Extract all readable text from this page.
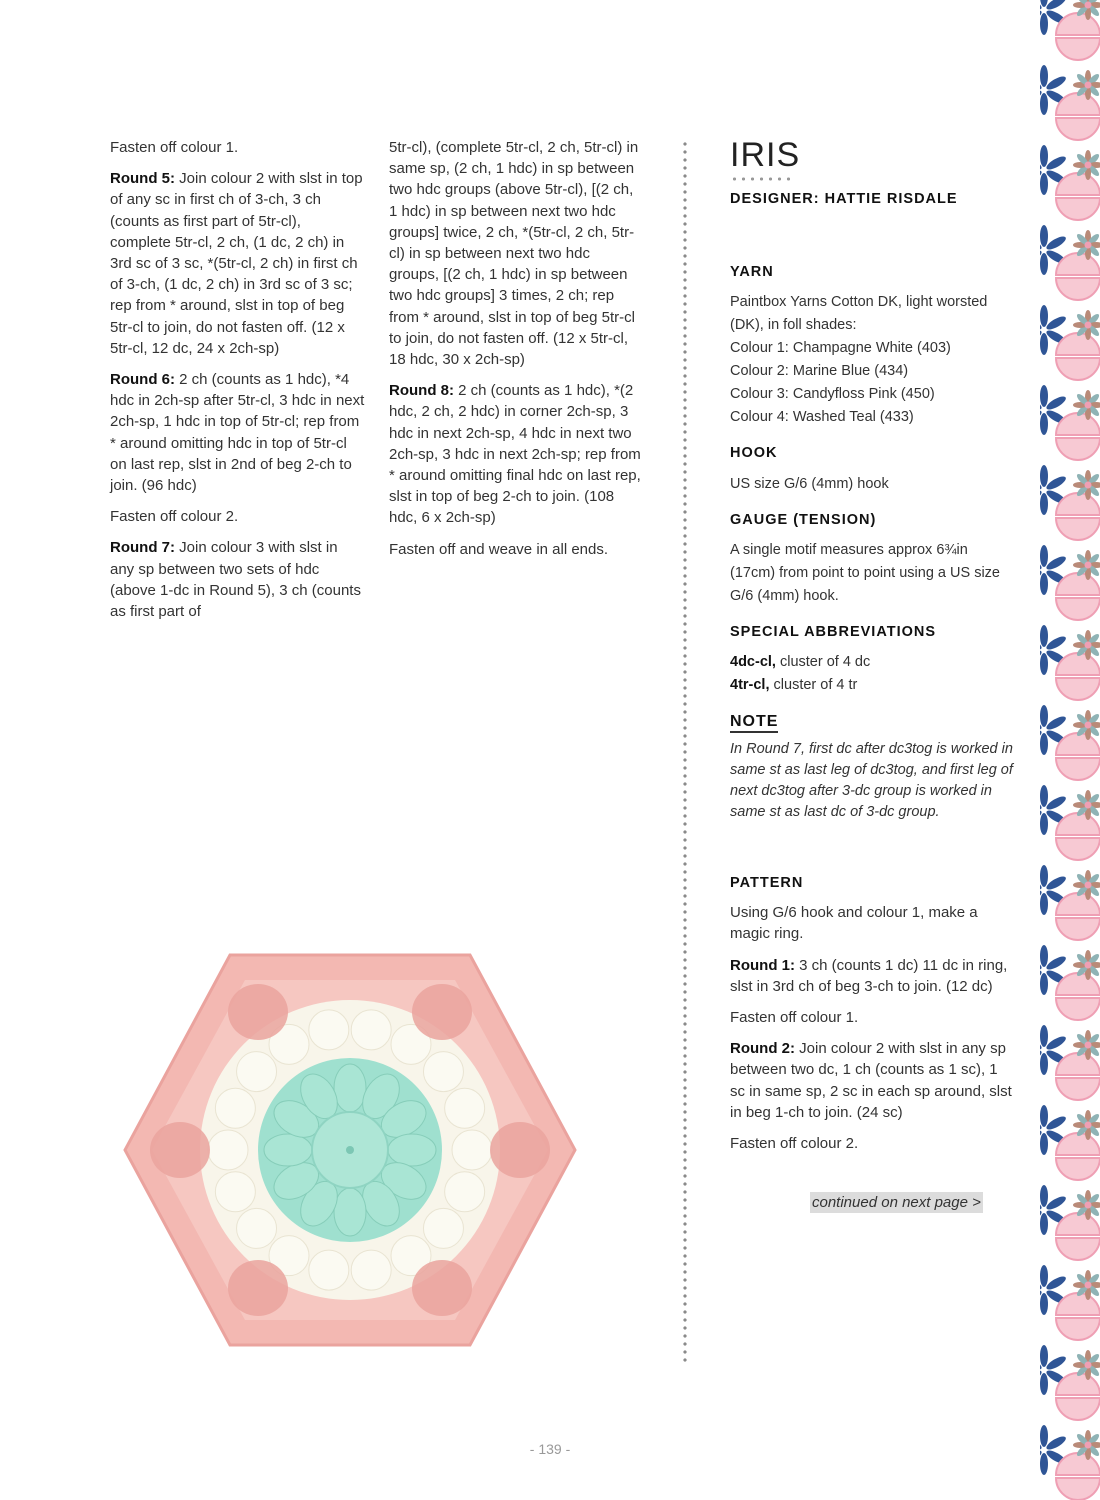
Fasten off colour 1.

Round 5: Join colour 2 with slst in top of any sc in first ch of 3-ch, 3 ch (counts as first part of 5tr-cl), complete 5tr-cl, 2 ch, (1 dc, 2 ch) in 3rd sc of 3 sc, *(5tr-cl, 2 ch) in first ch of 3-ch, (1 dc, 2 ch) in 3rd sc of 3 sc; rep from * around, slst in top of beg 5tr-cl to join, do not fasten off. (12 x 5tr-cl, 12 dc, 24 x 2ch-sp)

Round 6: 2 ch (counts as 1 hdc), *4 hdc in 2ch-sp after 5tr-cl, 3 hdc in next 2ch-sp, 1 hdc in top of 5tr-cl; rep from * around omitting hdc in top of 5tr-cl on last rep, slst in 2nd of beg 2-ch to join. (96 hdc)

Fasten off colour 2.

Round 7: Join colour 3 with slst in any sp between two sets of hdc (above 1-dc in Round 5), 3 ch (counts as first part of

5tr-cl), (complete 5tr-cl, 2 ch, 5tr-cl) in same sp, (2 ch, 1 hdc) in sp between two hdc groups (above 5tr-cl), [(2 ch, 1 hdc) in sp between next two hdc groups] twice, 2 ch, *(5tr-cl, 2 ch, 5tr-cl) in sp between next two hdc groups, [(2 ch, 1 hdc) in sp between two hdc groups] 3 times, 2 ch; rep from * around, slst in top of beg 5tr-cl to join, do not fasten off. (12 x 5tr-cl, 18 hdc, 30 x 2ch-sp)

Round 8: 2 ch (counts as 1 hdc), *(2 hdc, 2 ch, 2 hdc) in corner 2ch-sp, 3 hdc in next 2ch-sp, 4 hdc in next two 2ch-sp, 3 hdc in next 2ch-sp; rep from * around omitting final hdc on last rep, slst in top of beg 2-ch to join. (108 hdc, 6 x 2ch-sp)

Fasten off and weave in all ends.

IRIS
DESIGNER: HATTIE RISDALE
YARN
Paintbox Yarns Cotton DK, light worsted
(DK), in foll shades:
Colour 1: Champagne White (403)
Colour 2: Marine Blue (434)
Colour 3: Candyfloss Pink (450)
Colour 4: Washed Teal (433)
HOOK
US size G/6 (4mm) hook
GAUGE (TENSION)
A single motif measures approx 6¾in (17cm) from point to point using a US size G/6 (4mm) hook.
SPECIAL ABBREVIATIONS
4dc-cl, cluster of 4 dc
4tr-cl, cluster of 4 tr
NOTE
In Round 7, first dc after dc3tog is worked in same st as last leg of dc3tog, and first leg of next dc3tog after 3-dc group is worked in same st as last dc of 3-dc group.
PATTERN

Using G/6 hook and colour 1, make a magic ring.

Round 1: 3 ch (counts 1 dc) 11 dc in ring, slst in 3rd ch of beg 3-ch to join. (12 dc)

Fasten off colour 1.

Round 2: Join colour 2 with slst in any sp between two dc, 1 ch (counts as 1 sc), 1 sc in same sp, 2 sc in each sp around, slst in beg 1-ch to join. (24 sc)

Fasten off colour 2.

continued on next page >
- 139 -
